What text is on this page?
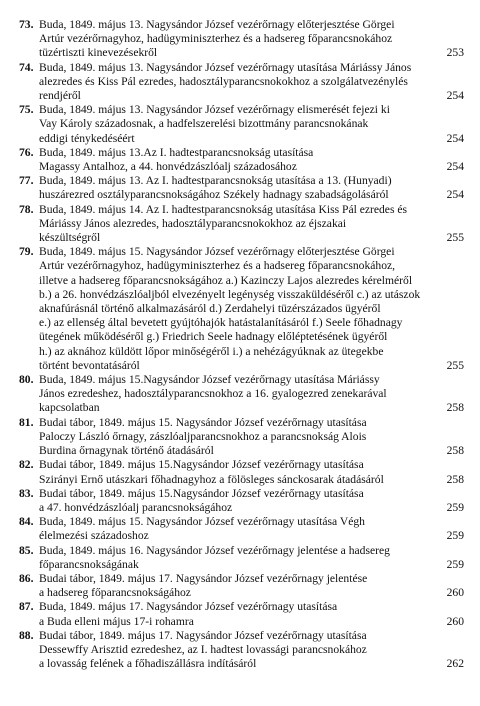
73. Buda, 1849. május 13. Nagysándor József vezérőrnagy előterjesztése Görgei
Artúr vezérőrnagyhoz, hadügyminiszterhez és a hadsereg főparancsnokához
tüzértiszti kinevezésekről	253
74. Buda, 1849. május 13. Nagysándor József vezérőrnagy utasítása Máriássy János
alezredes és Kiss Pál ezredes, hadosztályparancsnokokhoz a szolgálatvezénylés
rendjéről	254
75. Buda, 1849. május 13. Nagysándor József vezérőrnagy elismerését fejezi ki
Vay Károly századosnak, a hadfelszerelési bizottmány parancsnokának
eddigi ténykedéséért	254
76. Buda, 1849. május 13.Az I. hadtestparancsnokság utasítása
Magassy Antalhoz, a 44. honvédzászlóalj századosához	254
77. Buda, 1849. május 13. Az I. hadtestparancsnokság utasítása a 13. (Hunyadi)
huszárezred osztályparancsnokságához Székely hadnagy szabadságolásáról	254
78. Buda, 1849. május 14. Az I. hadtestparancsnokság utasítása Kiss Pál ezredes és
Máriássy János alezredes, hadosztályparancsnokokhoz az éjszakai
készültségről	255
79. Buda, 1849. május 15. Nagysándor József vezérőrnagy előterjesztése Görgei
Artúr vezérőrnagyhoz, hadügyminiszterhez és a hadsereg főparancsnokához,
illetve a hadsereg főparancsnokságához a.) Kazinczy Lajos alezredes kérelméről
b.) a 26. honvédzászlóaljból elvezényelt legénység visszaküldéséről c.) az utászok
aknafúrásnál történő alkalmazásáról d.) Zerdahelyi tüzérszázados ügyéről
e.) az ellenség által bevetett gyújtóhajók hatástalanításáról f.) Seele főhadnagy
ütegének működéséről g.) Friedrich Seele hadnagy előléptetésének ügyéről
h.) az aknához küldött lőpor minőségéről i.) a nehézágyúknak az ütegekbe
történt bevontatásáról	255
80. Buda, 1849. május 15.Nagysándor József vezérőrnagy utasítása Máriássy
János ezredeshez, hadosztályparancsnokhoz a 16. gyalogezred zenekarával
kapcsolatban	258
81. Budai tábor, 1849. május 15. Nagysándor József vezérőrnagy utasítása
Paloczy László őrnagy, zászlóaljparancsnokhoz a parancsnokság Alois
Burdina őrnagynak történő átadásáról	258
82. Budai tábor, 1849. május 15.Nagysándor József vezérőrnagy utasítása
Szirányi Ernő utászkari főhadnagyhoz a fölösleges sánckosarak átadásáról	258
83. Budai tábor, 1849. május 15.Nagysándor József vezérőrnagy utasítása
a 47. honvédzászlóalj parancsnokságához	259
84. Buda, 1849. május 15. Nagysándor József vezérőrnagy utasítása Végh
élelmezési századoshoz	259
85. Buda, 1849. május 16. Nagysándor József vezérőrnagy jelentése a hadsereg
főparancsnokságának	259
86. Budai tábor, 1849. május 17. Nagysándor József vezérőrnagy jelentése
a hadsereg főparancsnokságához	260
87. Buda, 1849. május 17. Nagysándor József vezérőrnagy utasítása
a Buda elleni május 17-i rohamra	260
88. Budai tábor, 1849. május 17. Nagysándor József vezérőrnagy utasítása
Dessewffy Arisztid ezredeshez, az I. hadtest lovassági parancsnokához
a lovasság felének a főhadiszállásra indításáról	262
